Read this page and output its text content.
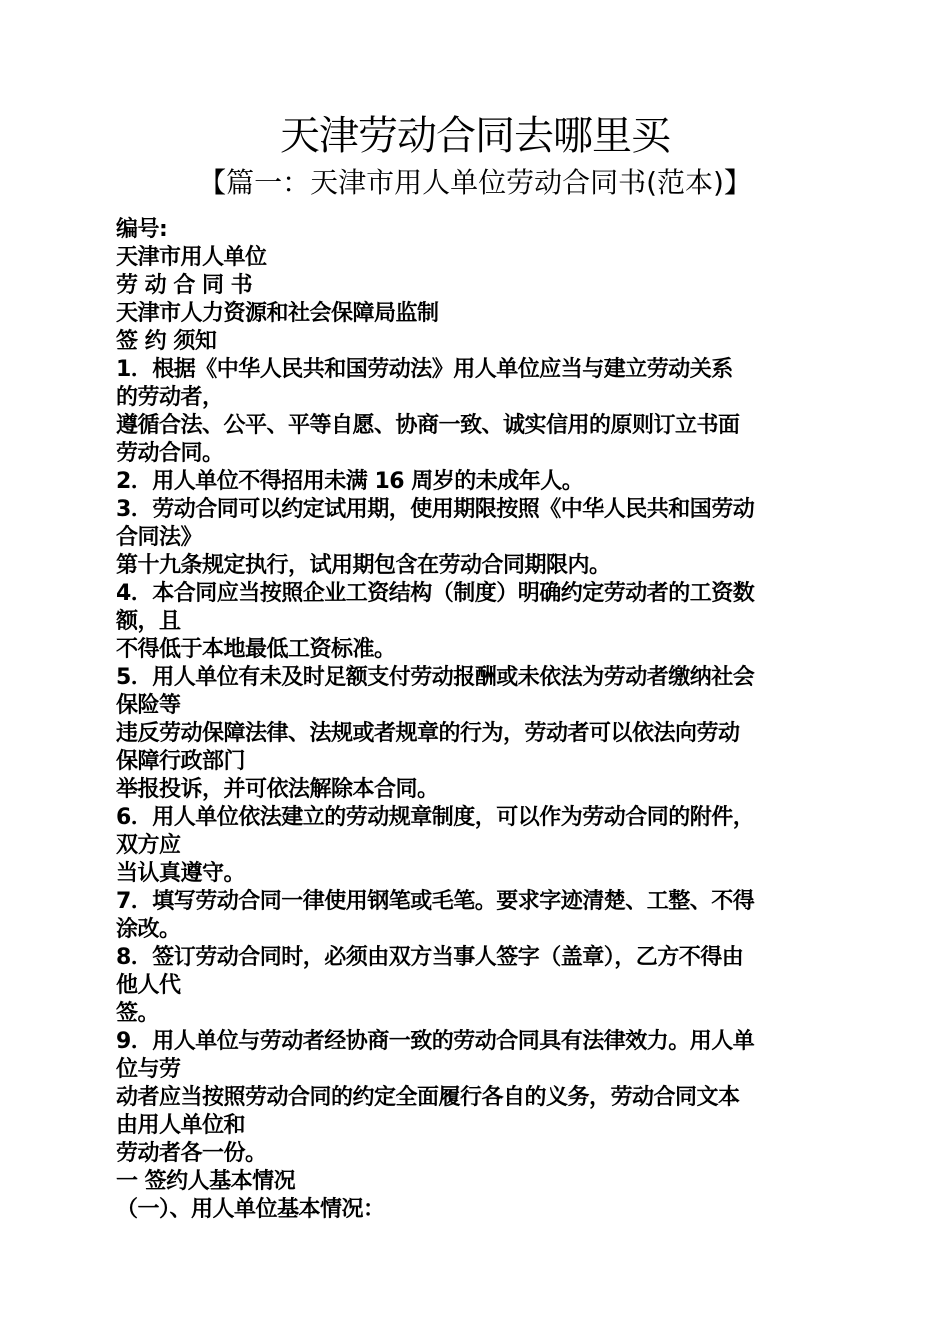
天津劳动合同去哪里买
【篇一：天津市用人单位劳动合同书(范本)】
编号:
天津市用人单位
劳 动 合 同 书
天津市人力资源和社会保障局监制
签 约 须知
1．根据《中华人民共和国劳动法》用人单位应当与建立劳动关系
的劳动者，
遵循合法、公平、平等自愿、协商一致、诚实信用的原则订立书面
劳动合同。
2．用人单位不得招用未满 16 周岁的未成年人。
3．劳动合同可以约定试用期，使用期限按照《中华人民共和国劳动
合同法》
第十九条规定执行，试用期包含在劳动合同期限内。
4．本合同应当按照企业工资结构（制度）明确约定劳动者的工资数
额，且
不得低于本地最低工资标准。
5．用人单位有未及时足额支付劳动报酬或未依法为劳动者缴纳社会
保险等
违反劳动保障法律、法规或者规章的行为，劳动者可以依法向劳动
保障行政部门
举报投诉，并可依法解除本合同。
6．用人单位依法建立的劳动规章制度，可以作为劳动合同的附件，
双方应
当认真遵守。
7．填写劳动合同一律使用钢笔或毛笔。要求字迹清楚、工整、不得
涂改。
8．签订劳动合同时，必须由双方当事人签字（盖章），乙方不得由
他人代
签。
9．用人单位与劳动者经协商一致的劳动合同具有法律效力。用人单
位与劳
动者应当按照劳动合同的约定全面履行各自的义务，劳动合同文本
由用人单位和
劳动者各一份。
一 签约人基本情况
（一）、用人单位基本情况：
